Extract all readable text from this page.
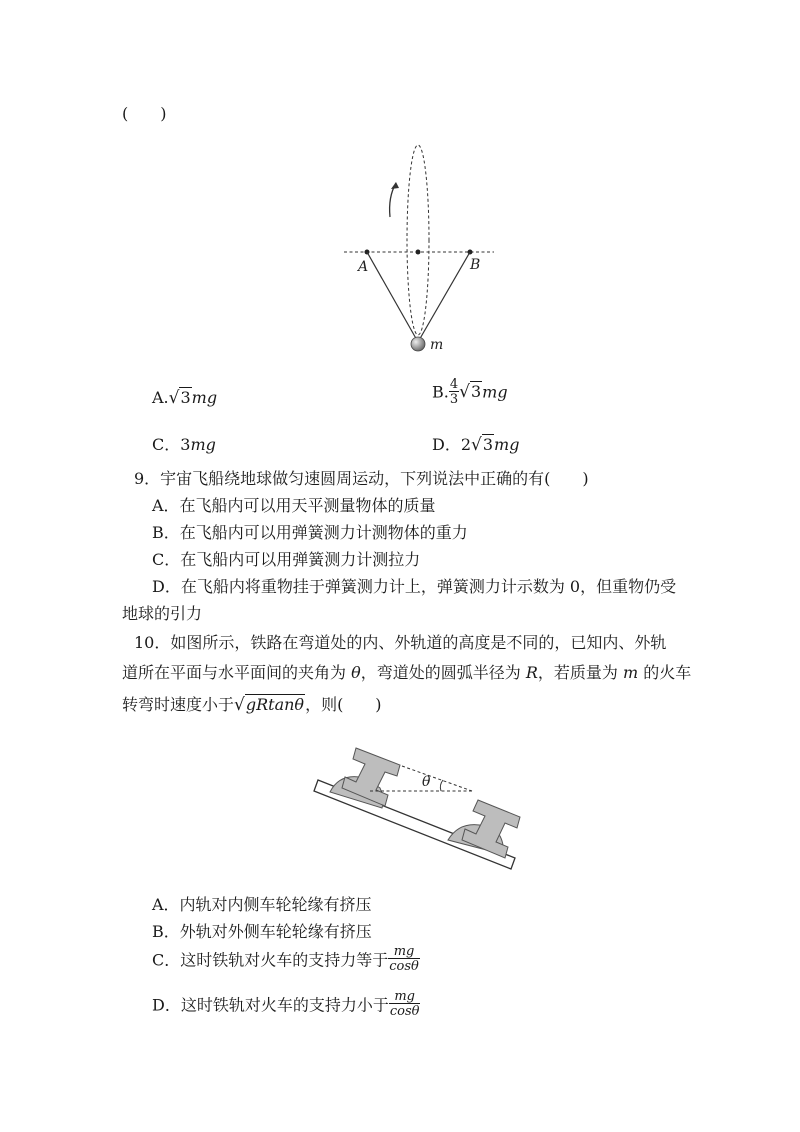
(　　)
A	B
m
A.√3mg	B. $\frac{4}{3} √3mg$
C．3mg	D．2√3mg
9．宇宙飞船绕地球做匀速圆周运动，下列说法中正确的有(　　)
A．在飞船内可以用天平测量物体的质量
B．在飞船内可以用弹簧测力计测物体的重力
C．在飞船内可以用弹簧测力计测拉力
D．在飞船内将重物挂于弹簧测力计上，弹簧测力计示数为 0，但重物仍受
地球的引力
10．如图所示，铁路在弯道处的内、外轨道的高度是不同的，已知内、外轨
道所在平面与水平面间的夹角为 θ，弯道处的圆弧半径为 R，若质量为 m 的火车
转弯时速度小于√gRtanθ，则(　　)
θ
A．内轨对内侧车轮轮缘有挤压
B．外轨对外侧车轮轮缘有挤压
C．这时铁轨对火车的支持力等于 $\frac{mg}{\cos\theta}$
D．这时铁轨对火车的支持力小于 $\frac{mg}{\cos\theta}$
